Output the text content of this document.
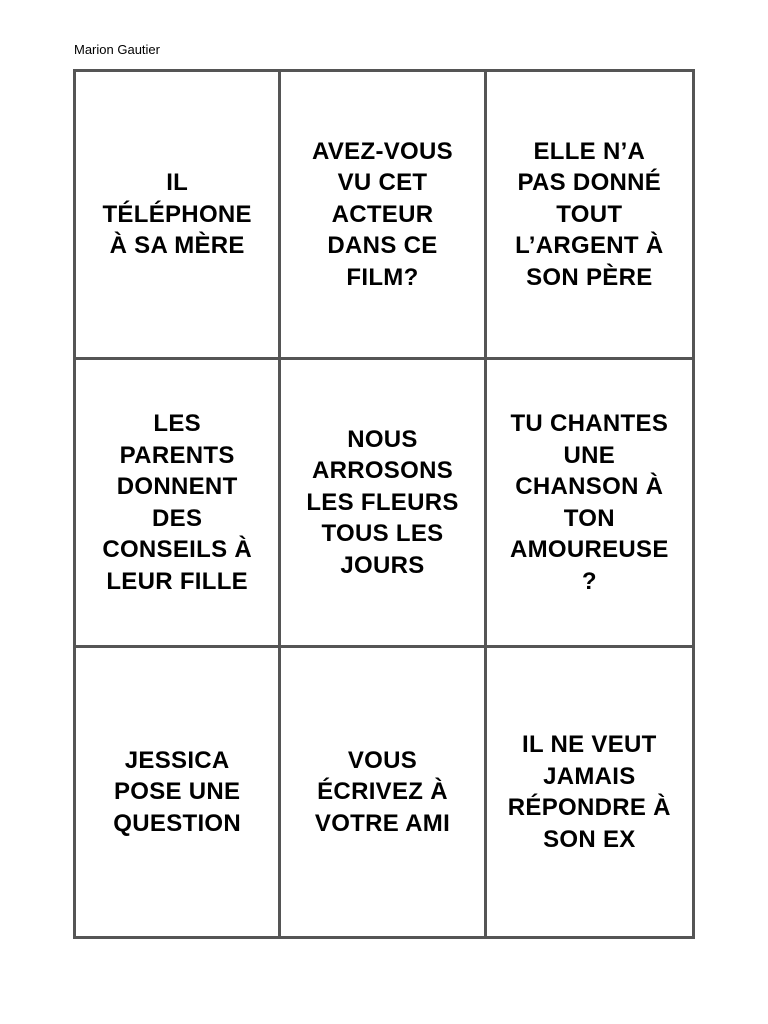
Marion Gautier
IL
TÉLÉPHONE
À SA MÈRE
AVEZ-VOUS
VU CET
ACTEUR
DANS CE
FILM?
ELLE N’A
PAS DONNÉ
TOUT
L’ARGENT À
SON PÈRE
LES
PARENTS
DONNENT
DES
CONSEILS À
LEUR FILLE
NOUS
ARROSONS
LES FLEURS
TOUS LES
JOURS
TU CHANTES
UNE
CHANSON À
TON
AMOUREUSE
?
JESSICA
POSE UNE
QUESTION
VOUS
ÉCRIVEZ À
VOTRE AMI
IL NE VEUT
JAMAIS
RÉPONDRE À
SON EX
